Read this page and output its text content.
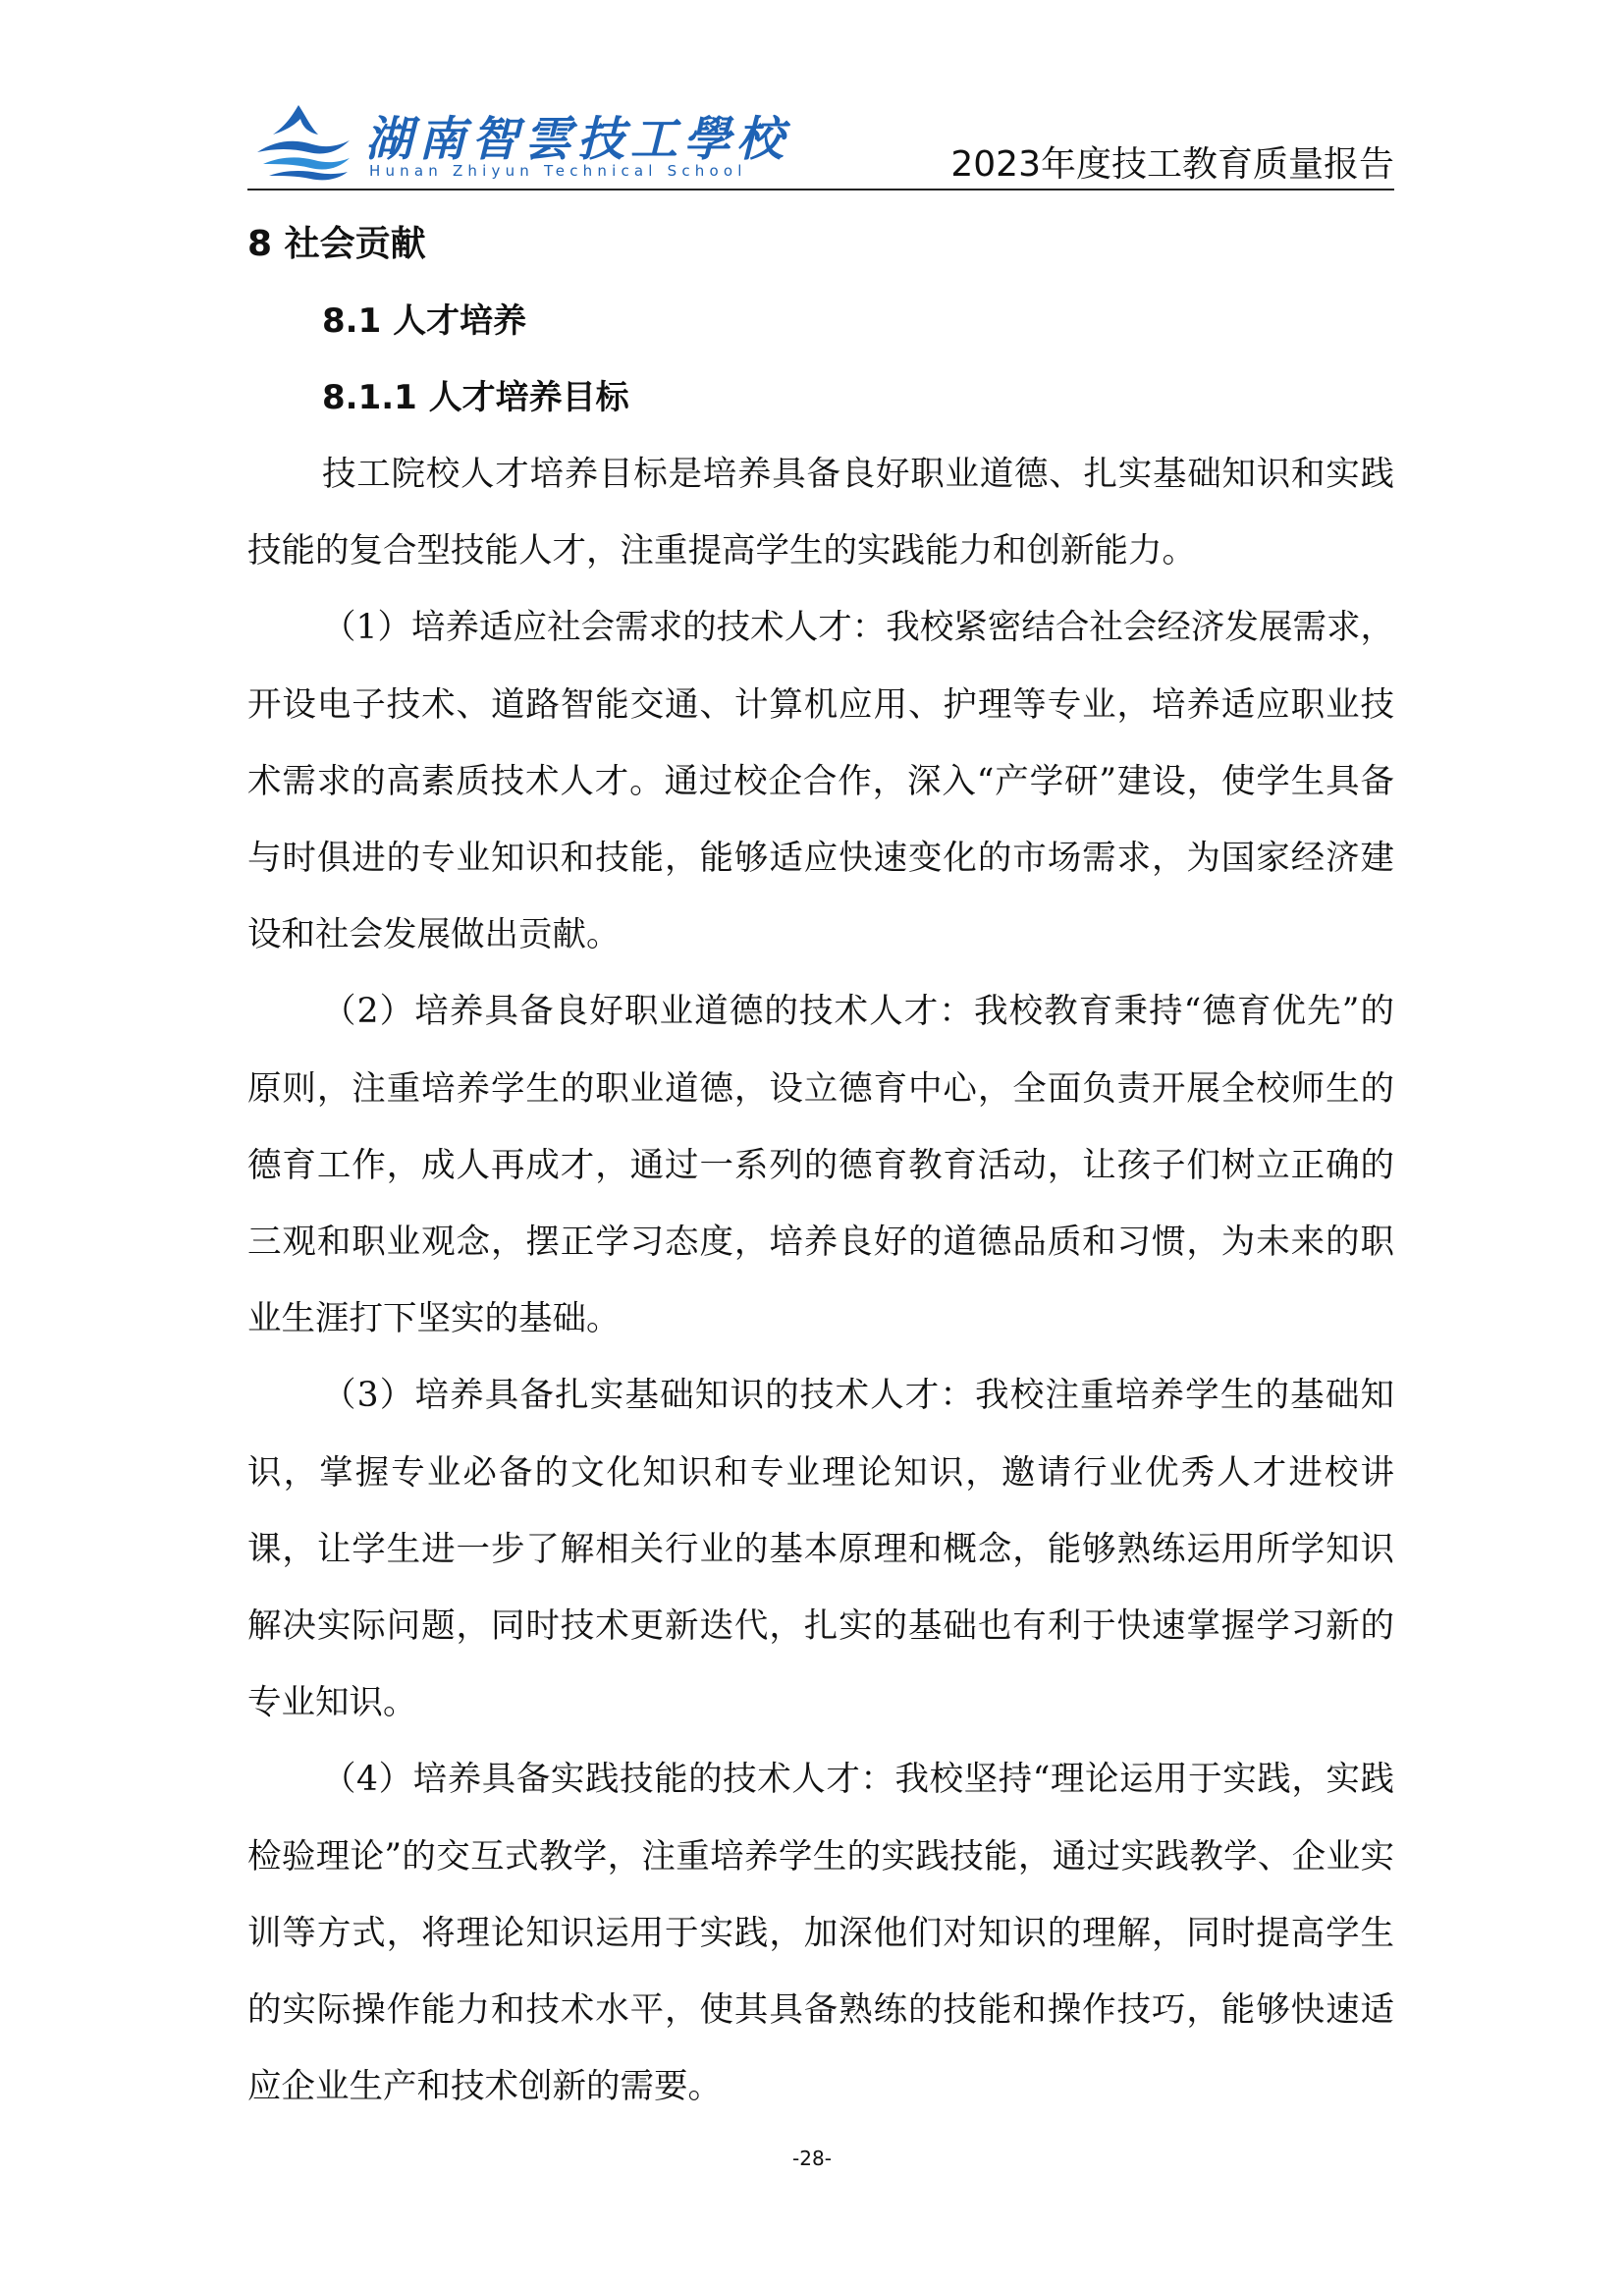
湖南智雲技工學校
Hunan Zhiyun Technical School	2023年度技工教育质量报告
8 社会贡献
8.1 人才培养
8.1.1 人才培养目标

技工院校人才培养目标是培养具备良好职业道德、扎实基础知识和实践技能的复合型技能人才，注重提高学生的实践能力和创新能力。

（1）培养适应社会需求的技术人才：我校紧密结合社会经济发展需求，开设电子技术、道路智能交通、计算机应用、护理等专业，培养适应职业技术需求的高素质技术人才。通过校企合作，深入“产学研”建设，使学生具备与时俱进的专业知识和技能，能够适应快速变化的市场需求，为国家经济建设和社会发展做出贡献。

（2）培养具备良好职业道德的技术人才：我校教育秉持“德育优先”的原则，注重培养学生的职业道德，设立德育中心，全面负责开展全校师生的德育工作，成人再成才，通过一系列的德育教育活动，让孩子们树立正确的三观和职业观念，摆正学习态度，培养良好的道德品质和习惯，为未来的职业生涯打下坚实的基础。

（3）培养具备扎实基础知识的技术人才：我校注重培养学生的基础知识，掌握专业必备的文化知识和专业理论知识，邀请行业优秀人才进校讲课，让学生进一步了解相关行业的基本原理和概念，能够熟练运用所学知识解决实际问题，同时技术更新迭代，扎实的基础也有利于快速掌握学习新的专业知识。

（4）培养具备实践技能的技术人才：我校坚持“理论运用于实践，实践检验理论”的交互式教学，注重培养学生的实践技能，通过实践教学、企业实训等方式，将理论知识运用于实践，加深他们对知识的理解，同时提高学生的实际操作能力和技术水平，使其具备熟练的技能和操作技巧，能够快速适应企业生产和技术创新的需要。

-28-
